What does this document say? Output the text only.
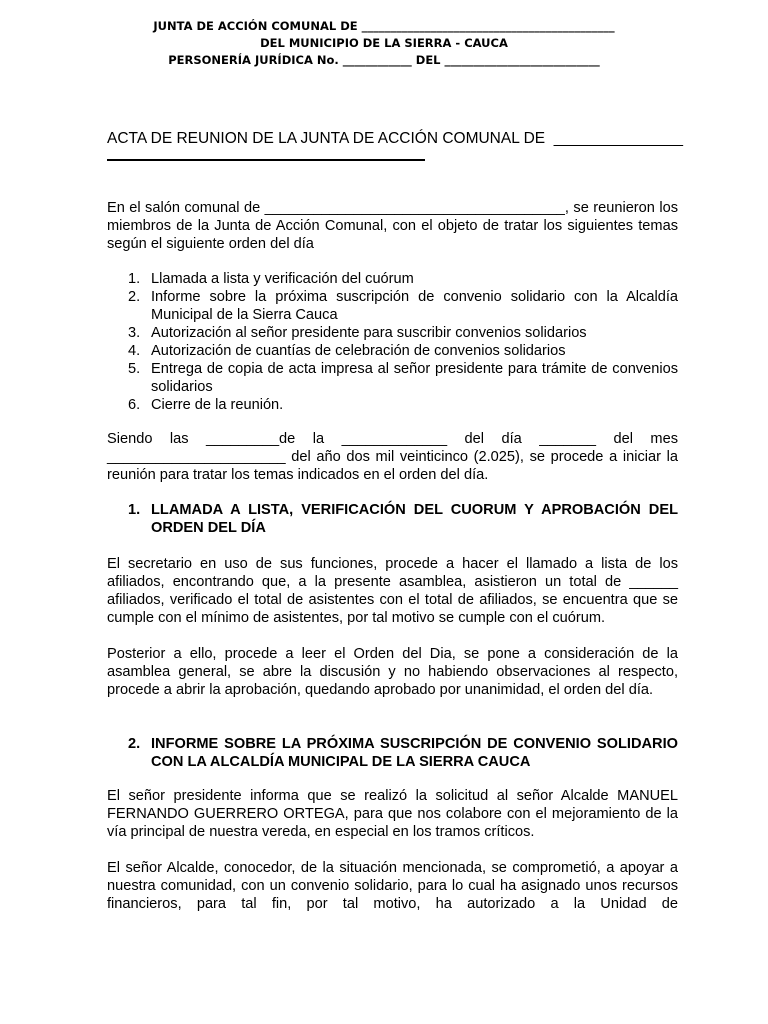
JUNTA DE ACCIÓN COMUNAL DE ____________________________________________
DEL MUNICIPIO DE LA SIERRA - CAUCA
PERSONERÍA JURÍDICA No. ____________ DEL ___________________________
ACTA DE REUNION DE LA JUNTA DE ACCIÓN COMUNAL DE  _______________

En el salón comunal de _____________________________________, se reunieron los miembros de la Junta de Acción Comunal, con el objeto de tratar los siguientes temas según el siguiente orden del día

1. Llamada a lista y verificación del cuórum
2. Informe sobre la próxima suscripción de convenio solidario con la Alcaldía Municipal de la Sierra Cauca
3. Autorización al señor presidente para suscribir convenios solidarios
4. Autorización de cuantías de celebración de convenios solidarios
5. Entrega de copia de acta impresa al señor presidente para trámite de convenios solidarios
6. Cierre de la reunión.

Siendo las _________de la _____________ del día _______ del mes ______________________ del año dos mil veinticinco (2.025), se procede a iniciar la reunión para tratar los temas indicados en el orden del día.

1. LLAMADA A LISTA, VERIFICACIÓN DEL CUORUM Y APROBACIÓN DEL ORDEN DEL DÍA

El secretario en uso de sus funciones, procede a hacer el llamado a lista de los afiliados, encontrando que, a la presente asamblea, asistieron un total de ______ afiliados, verificado el total de asistentes con el total de afiliados, se encuentra que se cumple con el mínimo de asistentes, por tal motivo se cumple con el cuórum.

Posterior a ello, procede a leer el Orden del Dia, se pone a consideración de la asamblea general, se abre la discusión y no habiendo observaciones al respecto, procede a abrir la aprobación, quedando aprobado por unanimidad, el orden del día.

2. INFORME SOBRE LA PRÓXIMA SUSCRIPCIÓN DE CONVENIO SOLIDARIO CON LA ALCALDÍA MUNICIPAL DE LA SIERRA CAUCA

El señor presidente informa que se realizó la solicitud al señor Alcalde MANUEL FERNANDO GUERRERO ORTEGA, para que nos colabore con el mejoramiento de la vía principal de nuestra vereda, en especial en los tramos críticos.

El señor Alcalde, conocedor, de la situación mencionada, se comprometió, a apoyar a nuestra comunidad, con un convenio solidario, para lo cual ha asignado unos recursos financieros, para tal fin, por tal motivo, ha autorizado a la Unidad de
